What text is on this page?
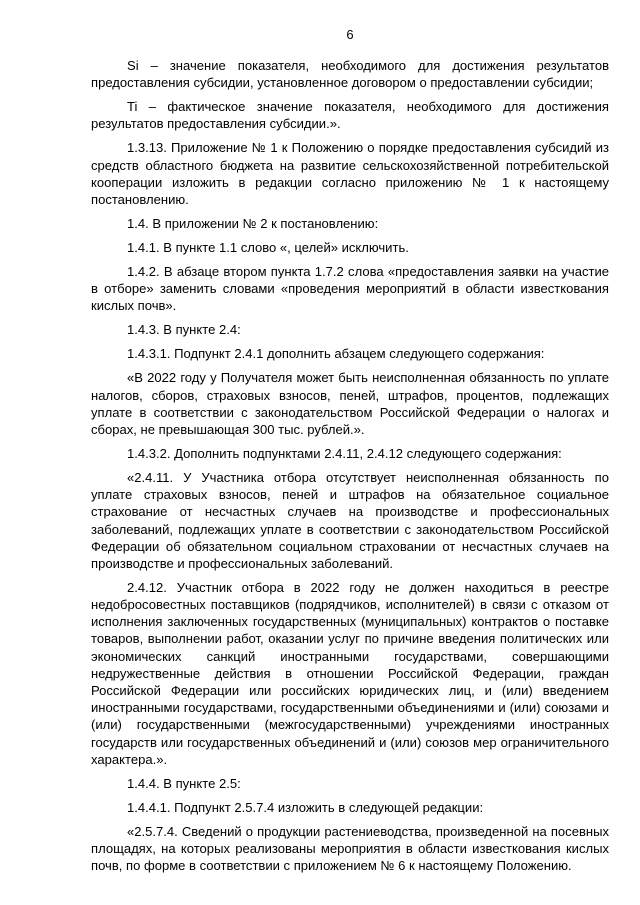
6

Si – значение показателя, необходимого для достижения результатов предоставления субсидии, установленное договором о предоставлении субсидии;

Ti – фактическое значение показателя, необходимого для достижения результатов предоставления субсидии.».

1.3.13. Приложение № 1 к Положению о порядке предоставления субсидий из средств областного бюджета на развитие сельскохозяйственной потребительской кооперации изложить в редакции согласно приложению № 1 к настоящему постановлению.

1.4. В приложении № 2 к постановлению:

1.4.1. В пункте 1.1 слово «, целей» исключить.

1.4.2. В абзаце втором пункта 1.7.2 слова «предоставления заявки на участие в отборе» заменить словами «проведения мероприятий в области известкования кислых почв».

1.4.3. В пункте 2.4:

1.4.3.1. Подпункт 2.4.1 дополнить абзацем следующего содержания:

«В 2022 году у Получателя может быть неисполненная обязанность по уплате налогов, сборов, страховых взносов, пеней, штрафов, процентов, подлежащих уплате в соответствии с законодательством Российской Федерации о налогах и сборах, не превышающая 300 тыс. рублей.».

1.4.3.2. Дополнить подпунктами 2.4.11, 2.4.12 следующего содержания:

«2.4.11. У Участника отбора отсутствует неисполненная обязанность по уплате страховых взносов, пеней и штрафов на обязательное социальное страхование от несчастных случаев на производстве и профессиональных заболеваний, подлежащих уплате в соответствии с законодательством Российской Федерации об обязательном социальном страховании от несчастных случаев на производстве и профессиональных заболеваний.

2.4.12. Участник отбора в 2022 году не должен находиться в реестре недобросовестных поставщиков (подрядчиков, исполнителей) в связи с отказом от исполнения заключенных государственных (муниципальных) контрактов о поставке товаров, выполнении работ, оказании услуг по причине введения политических или экономических санкций иностранными государствами, совершающими недружественные действия в отношении Российской Федерации, граждан Российской Федерации или российских юридических лиц, и (или) введением иностранными государствами, государственными объединениями и (или) союзами и (или) государственными (межгосударственными) учреждениями иностранных государств или государственных объединений и (или) союзов мер ограничительного характера.».

1.4.4. В пункте 2.5:

1.4.4.1. Подпункт 2.5.7.4 изложить в следующей редакции:

«2.5.7.4. Сведений о продукции растениеводства, произведенной на посевных площадях, на которых реализованы мероприятия в области известкования кислых почв, по форме в соответствии с приложением № 6 к настоящему Положению.
